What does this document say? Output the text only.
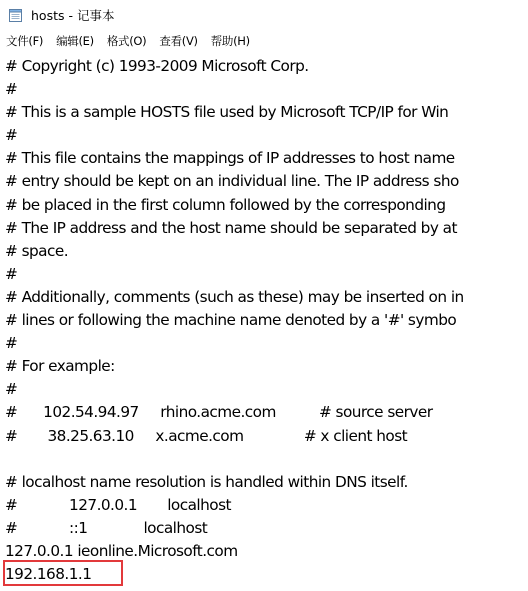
hosts - 记事本
文件(F) 编辑(E) 格式(O) 查看(V) 帮助(H)
# Copyright (c) 1993-2009 Microsoft Corp.
#
# This is a sample HOSTS file used by Microsoft TCP/IP for Win
#
# This file contains the mappings of IP addresses to host name
# entry should be kept on an individual line. The IP address sho
# be placed in the first column followed by the corresponding
# The IP address and the host name should be separated by at
# space.
#
# Additionally, comments (such as these) may be inserted on in
# lines or following the machine name denoted by a '#' symbo
#
# For example:
#
#      102.54.94.97     rhino.acme.com          # source server
#       38.25.63.10     x.acme.com              # x client host
# localhost name resolution is handled within DNS itself.
#            127.0.0.1       localhost
#            ::1             localhost
127.0.0.1 ieonline.Microsoft.com
192.168.1.1
